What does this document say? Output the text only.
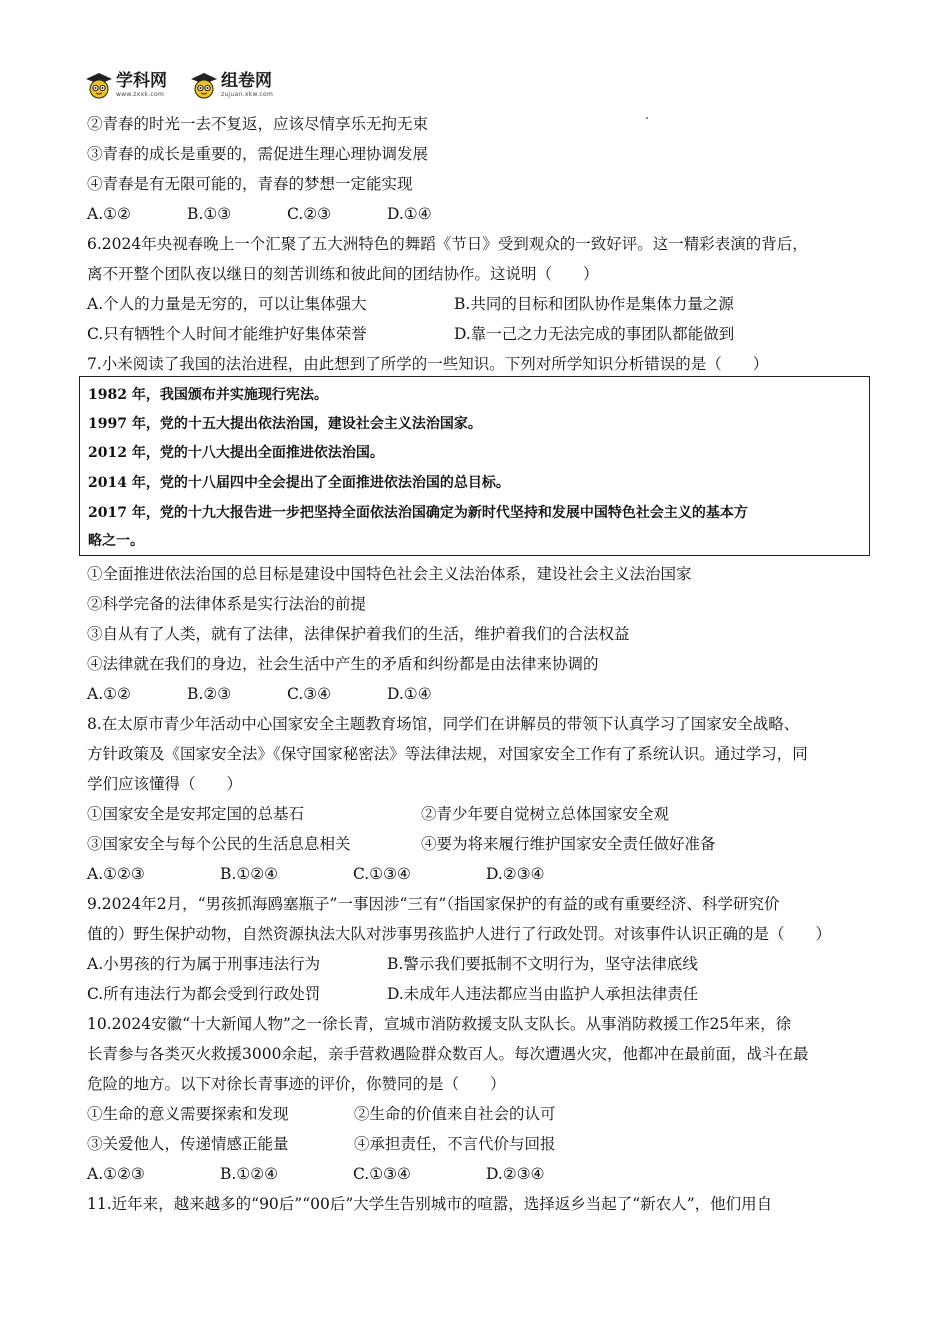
学科网
www.zxxk.com
组卷网
zujuan.xkw.com
②青春的时光一去不复返，应该尽情享乐无拘无束
③青春的成长是重要的，需促进生理心理协调发展
④青春是有无限可能的，青春的梦想一定能实现
A.①②	B.①③	C.②③	D.①④
6.2024年央视春晚上一个汇聚了五大洲特色的舞蹈《节日》受到观众的一致好评。这一精彩表演的背后，
离不开整个团队夜以继日的刻苦训练和彼此间的团结协作。这说明（　　）
A.个人的力量是无穷的，可以让集体强大	B.共同的目标和团队协作是集体力量之源
C.只有牺牲个人时间才能维护好集体荣誉	D.靠一己之力无法完成的事团队都能做到
7.小米阅读了我国的法治进程，由此想到了所学的一些知识。下列对所学知识分析错误的是（　　）
1982 年，我国颁布并实施现行宪法。
1997 年，党的十五大提出依法治国，建设社会主义法治国家。
2012 年，党的十八大提出全面推进依法治国。
2014 年，党的十八届四中全会提出了全面推进依法治国的总目标。
2017 年，党的十九大报告进一步把坚持全面依法治国确定为新时代坚持和发展中国特色社会主义的基本方
略之一。
①全面推进依法治国的总目标是建设中国特色社会主义法治体系，建设社会主义法治国家
②科学完备的法律体系是实行法治的前提
③自从有了人类，就有了法律，法律保护着我们的生活，维护着我们的合法权益
④法律就在我们的身边，社会生活中产生的矛盾和纠纷都是由法律来协调的
A.①②	B.②③	C.③④	D.①④
8.在太原市青少年活动中心国家安全主题教育场馆，同学们在讲解员的带领下认真学习了国家安全战略、
方针政策及《国家安全法》《保守国家秘密法》等法律法规，对国家安全工作有了系统认识。通过学习，同
学们应该懂得（　　）
①国家安全是安邦定国的总基石	②青少年要自觉树立总体国家安全观
③国家安全与每个公民的生活息息相关	④要为将来履行维护国家安全责任做好准备
A.①②③	B.①②④	C.①③④	D.②③④
9.2024年2月，“男孩抓海鸥塞瓶子”一事因涉“三有”（指国家保护的有益的或有重要经济、科学研究价
值的）野生保护动物，自然资源执法大队对涉事男孩监护人进行了行政处罚。对该事件认识正确的是（　　）
A.小男孩的行为属于刑事违法行为	B.警示我们要抵制不文明行为，坚守法律底线
C.所有违法行为都会受到行政处罚	D.未成年人违法都应当由监护人承担法律责任
10.2024安徽“十大新闻人物”之一徐长青，宣城市消防救援支队支队长。从事消防救援工作25年来，徐
长青参与各类灭火救援3000余起，亲手营救遇险群众数百人。每次遭遇火灾，他都冲在最前面，战斗在最
危险的地方。以下对徐长青事迹的评价，你赞同的是（　　）
①生命的意义需要探索和发现	②生命的价值来自社会的认可
③关爱他人，传递情感正能量	④承担责任，不言代价与回报
A.①②③	B.①②④	C.①③④	D.②③④
11.近年来，越来越多的“90后”“00后”大学生告别城市的喧嚣，选择返乡当起了“新农人”，他们用自
